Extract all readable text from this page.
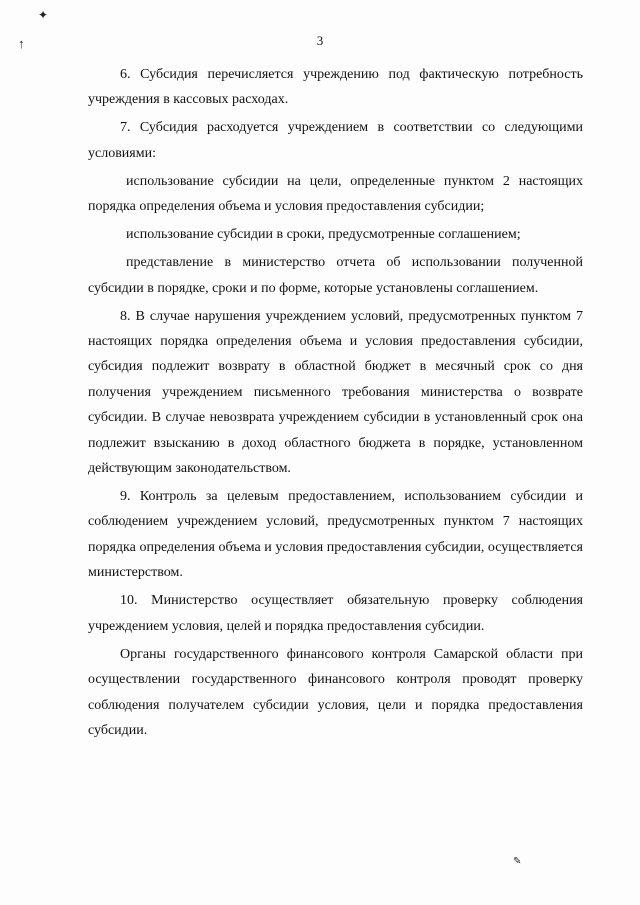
✦
↑
✎
3

6. Субсидия перечисляется учреждению под фактическую потребность учреждения в кассовых расходах.

7. Субсидия расходуется учреждением в соответствии со следующими условиями:

использование субсидии на цели, определенные пунктом 2 настоящих порядка определения объема и условия предоставления субсидии;

использование субсидии в сроки, предусмотренные соглашением;

представление в министерство отчета об использовании полученной субсидии в порядке, сроки и по форме, которые установлены соглашением.

8. В случае нарушения учреждением условий, предусмотренных пунктом 7 настоящих порядка определения объема и условия предоставления субсидии, субсидия подлежит возврату в областной бюджет в месячный срок со дня получения учреждением письменного требования министерства о возврате субсидии. В случае невозврата учреждением субсидии в установленный срок она подлежит взысканию в доход областного бюджета в порядке, установленном действующим законодательством.

9. Контроль за целевым предоставлением, использованием субсидии и соблюдением учреждением условий, предусмотренных пунктом 7 настоящих порядка определения объема и условия предоставления субсидии, осуществляется министерством.

10. Министерство осуществляет обязательную проверку соблюдения учреждением условия, целей и порядка предоставления субсидии.

Органы государственного финансового контроля Самарской области при осуществлении государственного финансового контроля проводят проверку соблюдения получателем субсидии условия, цели и порядка предоставления субсидии.
